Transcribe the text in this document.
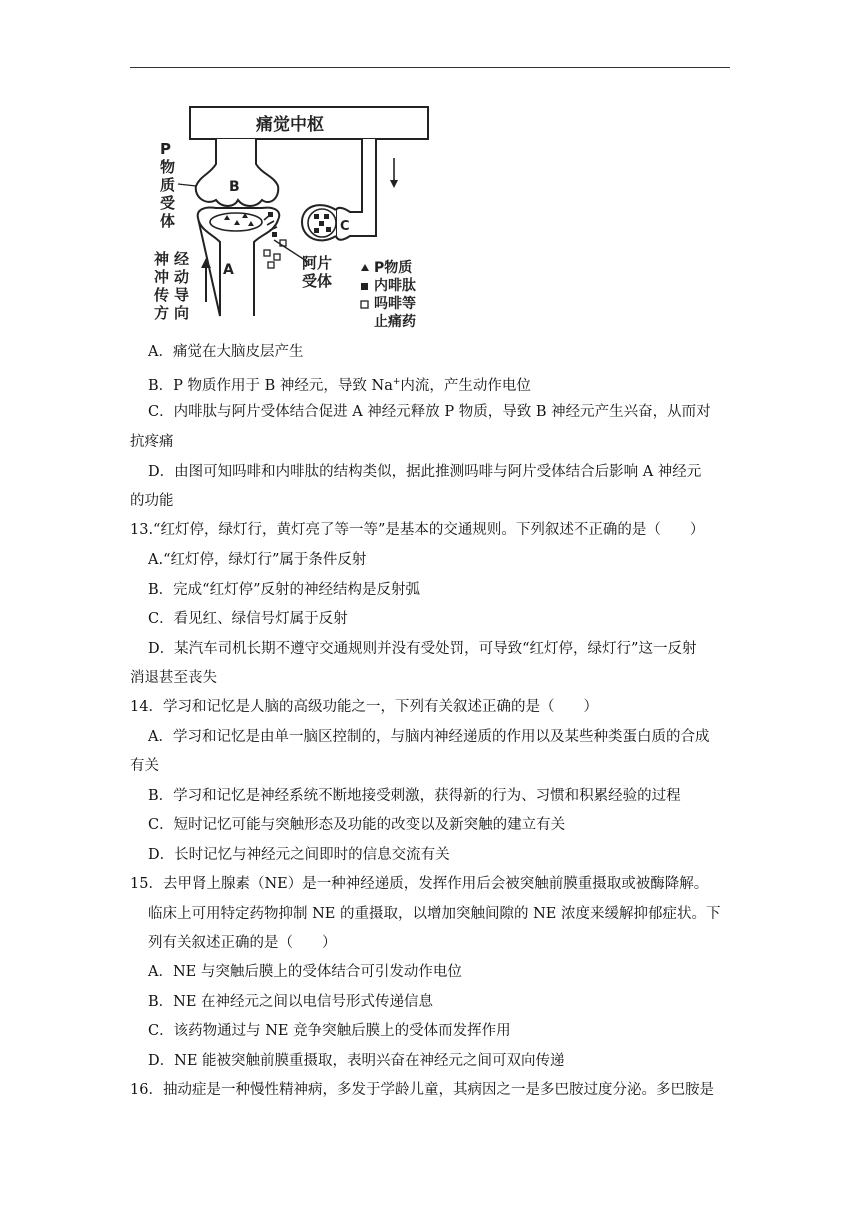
痛觉中枢
B
A
C
P
物
质
受
体
神 经
冲 动
传 导
方 向
阿片
受体
P物质
内啡肽
吗啡等
止痛药
A．痛觉在大脑皮层产生
B．P 物质作用于 B 神经元，导致 Na+内流，产生动作电位
C．内啡肽与阿片受体结合促进 A 神经元释放 P 物质，导致 B 神经元产生兴奋，从而对
抗疼痛
D．由图可知吗啡和内啡肽的结构类似，据此推测吗啡与阿片受体结合后影响 A 神经元
的功能
13.“红灯停，绿灯行，黄灯亮了等一等”是基本的交通规则。下列叙述不正确的是（　　）
A.“红灯停，绿灯行”属于条件反射
B．完成“红灯停”反射的神经结构是反射弧
C．看见红、绿信号灯属于反射
D．某汽车司机长期不遵守交通规则并没有受处罚，可导致“红灯停，绿灯行”这一反射
消退甚至丧失
14．学习和记忆是人脑的高级功能之一，下列有关叙述正确的是（　　）
A．学习和记忆是由单一脑区控制的，与脑内神经递质的作用以及某些种类蛋白质的合成
有关
B．学习和记忆是神经系统不断地接受刺激，获得新的行为、习惯和积累经验的过程
C．短时记忆可能与突触形态及功能的改变以及新突触的建立有关
D．长时记忆与神经元之间即时的信息交流有关
15．去甲肾上腺素（NE）是一种神经递质，发挥作用后会被突触前膜重摄取或被酶降解。
临床上可用特定药物抑制 NE 的重摄取，以增加突触间隙的 NE 浓度来缓解抑郁症状。下
列有关叙述正确的是（　　）
A．NE 与突触后膜上的受体结合可引发动作电位
B．NE 在神经元之间以电信号形式传递信息
C．该药物通过与 NE 竞争突触后膜上的受体而发挥作用
D．NE 能被突触前膜重摄取，表明兴奋在神经元之间可双向传递
16．抽动症是一种慢性精神病，多发于学龄儿童，其病因之一是多巴胺过度分泌。多巴胺是
